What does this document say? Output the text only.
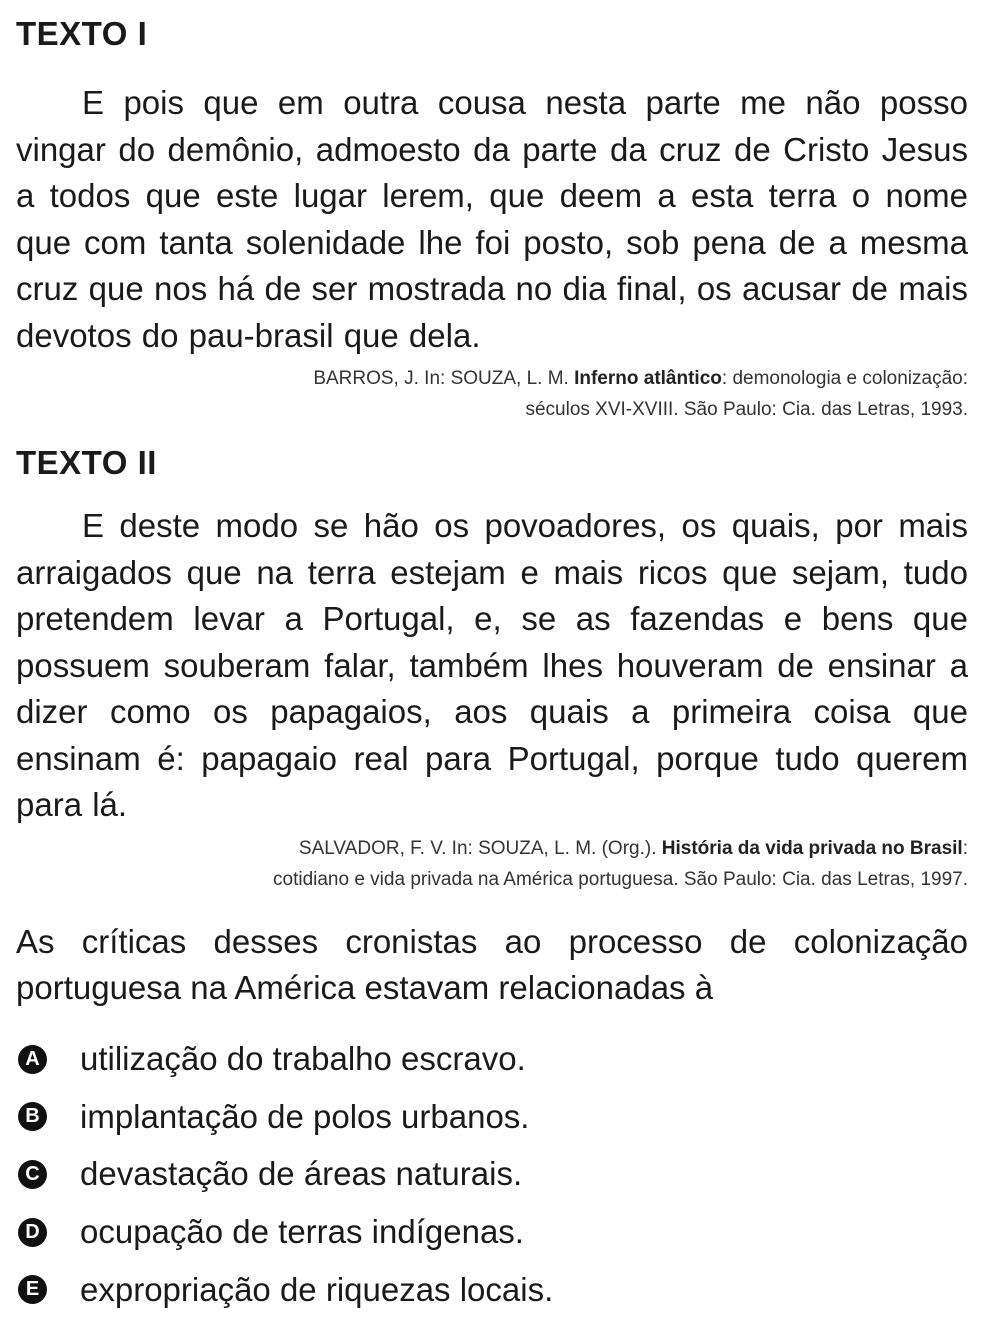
TEXTO I

E pois que em outra cousa nesta parte me não posso vingar do demônio, admoesto da parte da cruz de Cristo Jesus a todos que este lugar lerem, que deem a esta terra o nome que com tanta solenidade lhe foi posto, sob pena de a mesma cruz que nos há de ser mostrada no dia final, os acusar de mais devotos do pau-brasil que dela.

BARROS, J. In: SOUZA, L. M. Inferno atlântico: demonologia e colonização:
séculos XVI-XVIII. São Paulo: Cia. das Letras, 1993.
TEXTO II

E deste modo se hão os povoadores, os quais, por mais arraigados que na terra estejam e mais ricos que sejam, tudo pretendem levar a Portugal, e, se as fazendas e bens que possuem souberam falar, também lhes houveram de ensinar a dizer como os papagaios, aos quais a primeira coisa que ensinam é: papagaio real para Portugal, porque tudo querem para lá.

SALVADOR, F. V. In: SOUZA, L. M. (Org.). História da vida privada no Brasil:
cotidiano e vida privada na América portuguesa. São Paulo: Cia. das Letras, 1997.

As críticas desses cronistas ao processo de colonização portuguesa na América estavam relacionadas à

A utilização do trabalho escravo.
B implantação de polos urbanos.
C devastação de áreas naturais.
D ocupação de terras indígenas.
E expropriação de riquezas locais.
